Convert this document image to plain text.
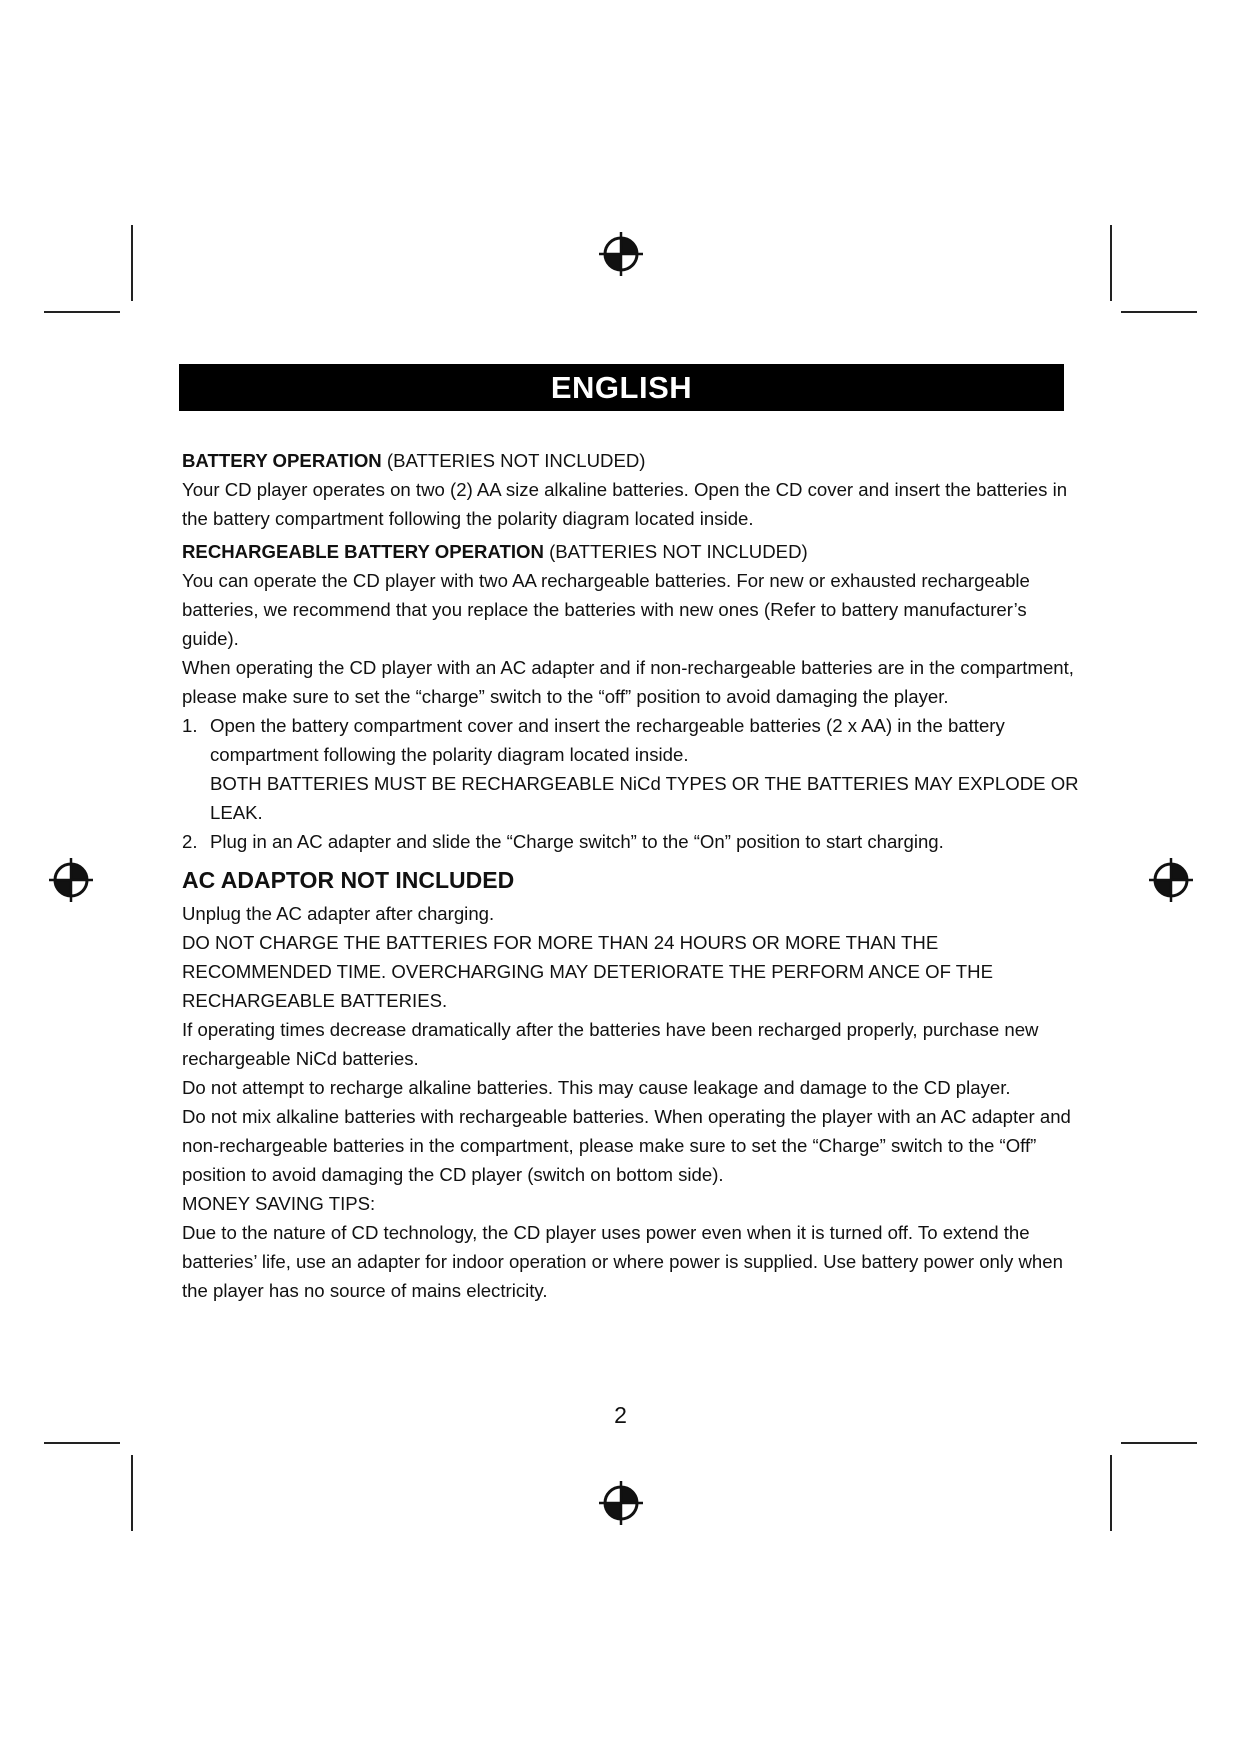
ENGLISH

BATTERY OPERATION (BATTERIES NOT INCLUDED)

Your CD player operates on two (2) AA size alkaline batteries. Open the CD cover and insert the batteries in the battery compartment following the polarity diagram located inside.

RECHARGEABLE BATTERY OPERATION (BATTERIES NOT INCLUDED)

You can operate the CD player with two AA rechargeable batteries. For new or exhausted rechargeable batteries, we recommend that you replace the batteries with new ones (Refer to battery manufacturer’s guide).

When operating the CD player with an AC adapter and if non-rechargeable batteries are in the compartment, please make sure to set the “charge” switch to the “off” position to avoid damaging the player.

1. Open the battery compartment cover and insert the rechargeable batteries (2 x AA) in the battery compartment following the polarity diagram located inside.

BOTH BATTERIES MUST BE RECHARGEABLE NiCd TYPES OR THE BATTERIES MAY EXPLODE OR LEAK.

2. Plug in an AC adapter and slide the “Charge switch” to the “On” position to start charging.

AC ADAPTOR NOT INCLUDED

Unplug the AC adapter after charging.

DO NOT CHARGE THE BATTERIES FOR MORE THAN 24 HOURS OR MORE THAN THE RECOMMENDED TIME. OVERCHARGING MAY DETERIORATE THE PERFORM ANCE OF THE RECHARGEABLE BATTERIES.

If operating times decrease dramatically after the batteries have been recharged properly, purchase new rechargeable NiCd batteries.

Do not attempt to recharge alkaline batteries. This may cause leakage and damage to the CD player.

Do not mix alkaline batteries with rechargeable batteries. When operating the player with an AC adapter and non-rechargeable batteries in the compartment, please make sure to set the “Charge” switch to the “Off” position to avoid damaging the CD player (switch on bottom side).

MONEY SAVING TIPS:

Due to the nature of CD technology, the CD player uses power even when it is turned off. To extend the batteries’ life, use an adapter for indoor operation or where power is supplied. Use battery power only when the player has no source of mains electricity.

2
